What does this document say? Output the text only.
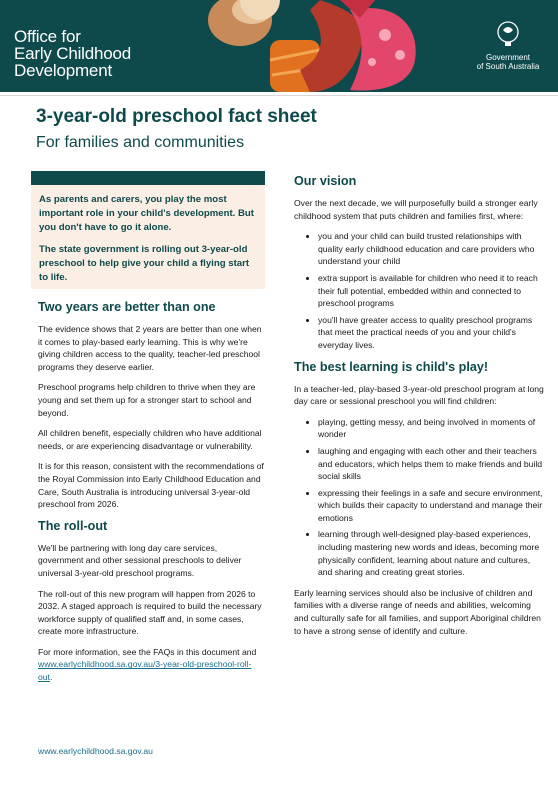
Office for
Early Childhood
Development
Government
of South Australia
3-year-old preschool fact sheet
For families and communities

As parents and carers, you play the most important role in your child's development. But you don't have to go it alone.

The state government is rolling out 3-year-old preschool to help give your child a flying start to life.

Two years are better than one

The evidence shows that 2 years are better than one when it comes to play-based early learning. This is why we're giving children access to the quality, teacher-led preschool programs they deserve earlier.

Preschool programs help children to thrive when they are young and set them up for a stronger start to school and beyond.

All children benefit, especially children who have additional needs, or are experiencing disadvantage or vulnerability.

It is for this reason, consistent with the recommendations of the Royal Commission into Early Childhood Education and Care, South Australia is introducing universal 3-year-old preschool from 2026.

The roll-out

We'll be partnering with long day care services, government and other sessional preschools to deliver universal 3-year-old preschool programs.

The roll-out of this new program will happen from 2026 to 2032. A staged approach is required to build the necessary workforce supply of qualified staff and, in some cases, create more infrastructure.

For more information, see the FAQs in this document and www.earlychildhood.sa.gov.au/3-year-old-preschool-roll-out.

Our vision

Over the next decade, we will purposefully build a stronger early childhood system that puts children and families first, where:

• you and your child can build trusted relationships with quality early childhood education and care providers who understand your child
• extra support is available for children who need it to reach their full potential, embedded within and connected to preschool programs
• you'll have greater access to quality preschool programs that meet the practical needs of you and your child's everyday lives.
The best learning is child's play!

In a teacher-led, play-based 3-year-old preschool program at long day care or sessional preschool you will find children:

• playing, getting messy, and being involved in moments of wonder
• laughing and engaging with each other and their teachers and educators, which helps them to make friends and build social skills
• expressing their feelings in a safe and secure environment, which builds their capacity to understand and manage their emotions
• learning through well-designed play-based experiences, including mastering new words and ideas, becoming more physically confident, learning about nature and cultures, and sharing and creating great stories.

Early learning services should also be inclusive of children and families with a diverse range of needs and abilities, welcoming and culturally safe for all families, and support Aboriginal children to have a strong sense of identify and culture.

www.earlychildhood.sa.gov.au
